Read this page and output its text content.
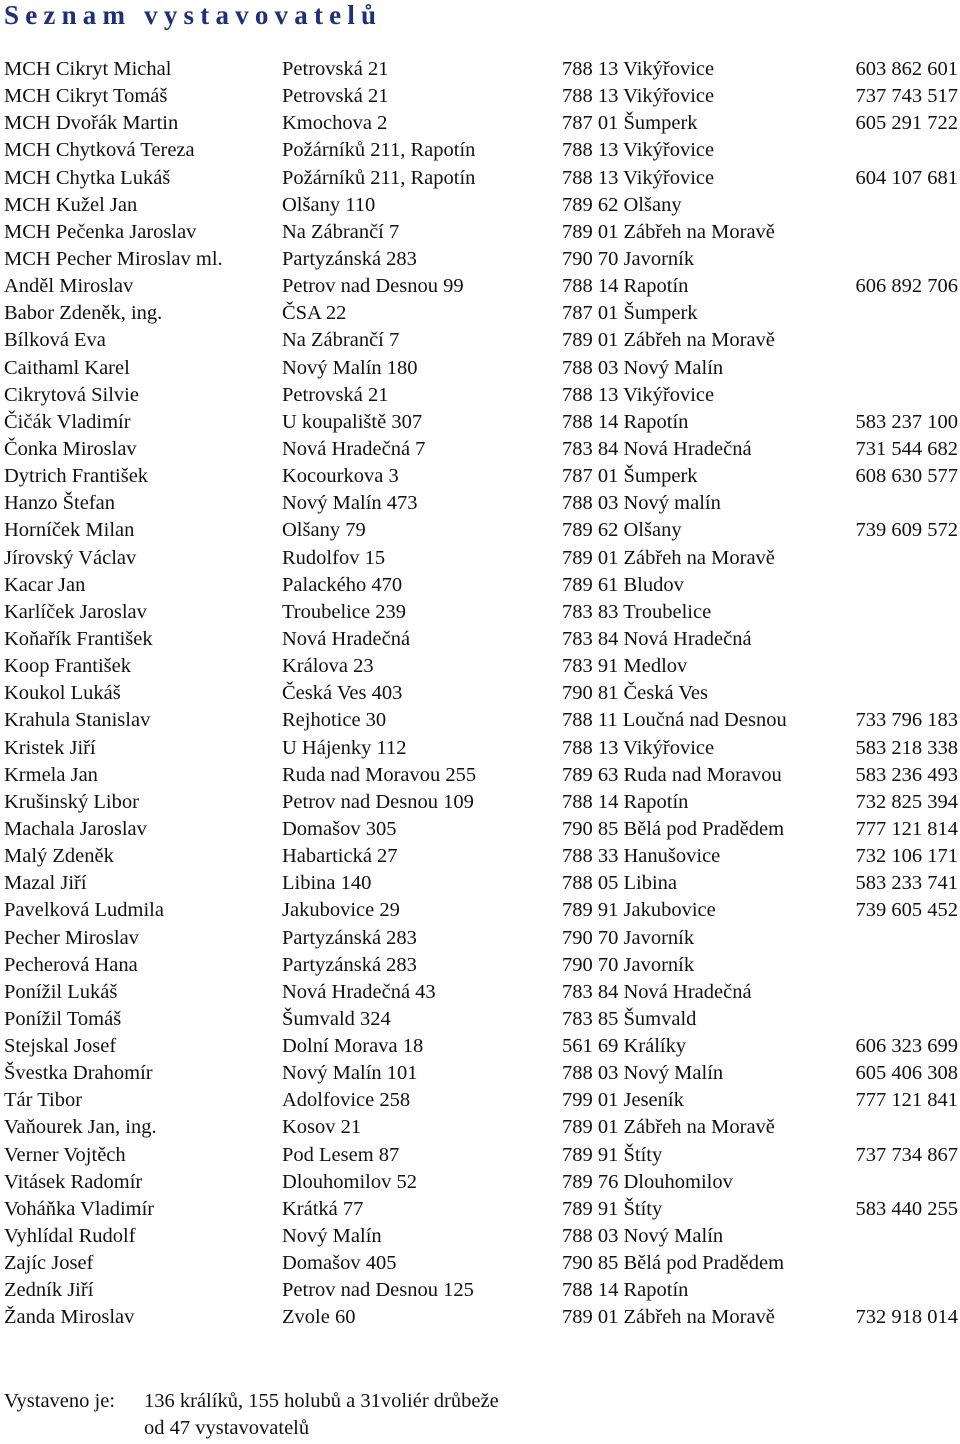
Seznam vystavovatelů
MCH Cikryt Michal	Petrovská 21	788 13 Vikýřovice	603 862 601
MCH Cikryt Tomáš	Petrovská 21	788 13 Vikýřovice	737 743 517
MCH Dvořák Martin	Kmochova 2	787 01 Šumperk	605 291 722
MCH Chytková Tereza	Požárníků 211, Rapotín	788 13 Vikýřovice
MCH Chytka Lukáš	Požárníků 211, Rapotín	788 13 Vikýřovice	604 107 681
MCH Kužel Jan	Olšany 110	789 62 Olšany
MCH Pečenka Jaroslav	Na Zábrančí 7	789 01 Zábřeh na Moravě
MCH Pecher Miroslav ml.	Partyzánská 283	790 70 Javorník
Anděl Miroslav	Petrov nad Desnou 99	788 14 Rapotín	606 892 706
Babor Zdeněk, ing.	ČSA 22	787 01 Šumperk
Bílková Eva	Na Zábrančí 7	789 01 Zábřeh na Moravě
Caithaml Karel	Nový Malín 180	788 03 Nový Malín
Cikrytová Silvie	Petrovská 21	788 13 Vikýřovice
Čičák Vladimír	U koupaliště 307	788 14 Rapotín	583 237 100
Čonka Miroslav	Nová Hradečná 7	783 84 Nová Hradečná	731 544 682
Dytrich František	Kocourkova 3	787 01 Šumperk	608 630 577
Hanzo Štefan	Nový Malín 473	788 03 Nový malín
Horníček Milan	Olšany 79	789 62 Olšany	739 609 572
Jírovský Václav	Rudolfov 15	789 01 Zábřeh na Moravě
Kacar Jan	Palackého 470	789 61 Bludov
Karlíček Jaroslav	Troubelice 239	783 83 Troubelice
Koňařík František	Nová Hradečná	783 84 Nová Hradečná
Koop František	Králova 23	783 91 Medlov
Koukol Lukáš	Česká Ves 403	790 81 Česká Ves
Krahula Stanislav	Rejhotice 30	788 11 Loučná nad Desnou	733 796 183
Kristek Jiří	U Hájenky 112	788 13 Vikýřovice	583 218 338
Krmela Jan	Ruda nad Moravou 255	789 63 Ruda nad Moravou	583 236 493
Krušinský Libor	Petrov nad Desnou 109	788 14 Rapotín	732 825 394
Machala Jaroslav	Domašov 305	790 85 Bělá pod Pradědem	777 121 814
Malý Zdeněk	Habartická 27	788 33 Hanušovice	732 106 171
Mazal Jiří	Libina 140	788 05 Libina	583 233 741
Pavelková Ludmila	Jakubovice 29	789 91 Jakubovice	739 605 452
Pecher Miroslav	Partyzánská 283	790 70 Javorník
Pecherová Hana	Partyzánská 283	790 70 Javorník
Ponížil Lukáš	Nová Hradečná 43	783 84 Nová Hradečná
Ponížil Tomáš	Šumvald 324	783 85 Šumvald
Stejskal Josef	Dolní Morava 18	561 69 Králíky	606 323 699
Švestka Drahomír	Nový Malín 101	788 03 Nový Malín	605 406 308
Tár Tibor	Adolfovice 258	799 01 Jeseník	777 121 841
Vaňourek Jan, ing.	Kosov 21	789 01 Zábřeh na Moravě
Verner Vojtěch	Pod Lesem 87	789 91 Štíty	737 734 867
Vitásek Radomír	Dlouhomilov 52	789 76 Dlouhomilov
Voháňka Vladimír	Krátká 77	789 91 Štíty	583 440 255
Vyhlídal Rudolf	Nový Malín	788 03 Nový Malín
Zajíc Josef	Domašov 405	790 85 Bělá pod Pradědem
Zedník Jiří	Petrov nad Desnou 125	788 14 Rapotín
Žanda Miroslav	Zvole 60	789 01 Zábřeh na Moravě	732 918 014
Vystaveno je: 136 králíků, 155 holubů a 31voliér drůbeže
od 47 vystavovatelů
